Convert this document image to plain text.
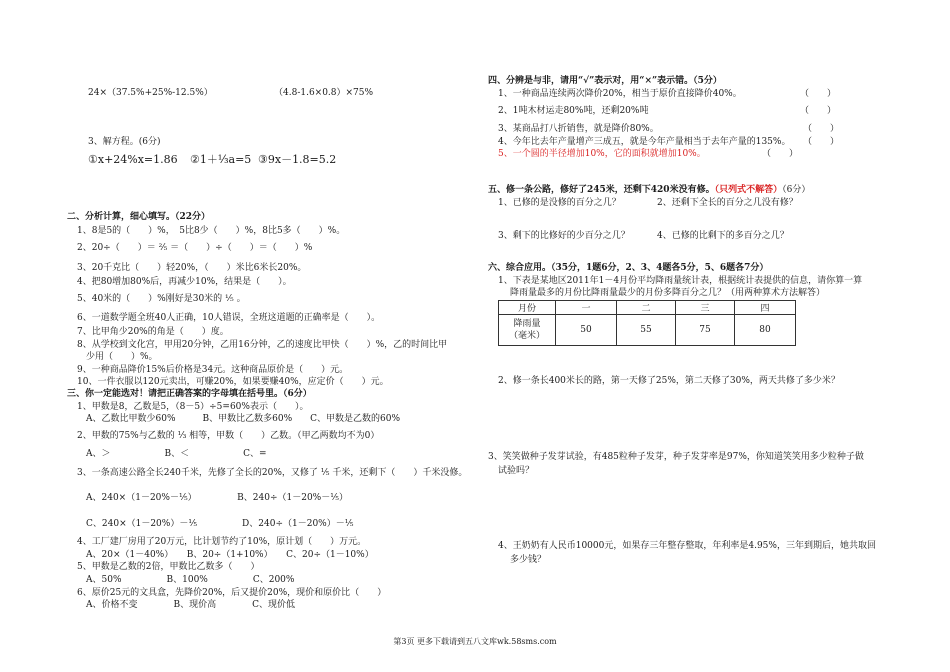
24×（37.5%+25%-12.5%）	（4.8-1.6×0.8）×75%
3、解方程。(6分)
①x+24%x=1.86 ②1＋⅓a=5 ③9x－1.8=5.2
二、分析计算，细心填写。（22分）
1、8是5的（　　）%，　5比8少（　　）%，8比5多（　　）%。
2、20÷（　　）＝ ²⁄₅ ＝（　　）÷（　　）＝（　　）%
3、20千克比（　　）轻20%，（　　）米比6米长20%。
4、把80增加80%后，再减少10%，结果是（　　）。
5、40米的（　　）%刚好是30米的 ¹⁄₅ 。
6、一道数学题全班40人正确，10人错误，全班这道题的正确率是（　　）。
7、比甲角少20%的角是（　　）度。
8、从学校到文化宫，甲用20分钟，乙用16分钟，乙的速度比甲快（　　）%，乙的时间比甲
　少用（　　）%。
9、一种商品降价15%后价格是34元。这种商品原价是（　　）元。
10、一件衣服以120元卖出，可赚20%，如果要赚40%，应定价（　　）元。
三、你一定能选对！请把正确答案的字母填在括号里。（6分）
1、甲数是8，乙数是5，（8－5）÷5=60%表示（　　）。
　A、乙数比甲数少60%　　　B、甲数比乙数多60%　　C、甲数是乙数的60%
2、甲数的75%与乙数的 ⅓ 相等，甲数（　　）乙数。（甲乙两数均不为0）
　A、＞　　　　　　B、＜　　　　　　C、=
3、一条高速公路全长240千米，先修了全长的20%，又修了 ⅕ 千米，还剩下（　　）千米没修。
　A、240×（1－20%－⅕）　　　　　B、240÷（1－20%－⅕）
　C、240×（1－20%）－⅕　　　　　D、240÷（1－20%）－⅕
4、工厂建厂房用了20万元，比计划节约了10%，原计划（　　）万元。
　A、20×（1－40%）　　B、20÷（1+10%）　　C、20÷（1－10%）
5、甲数是乙数的2倍，甲数比乙数多（　　）
　A、50%　　　　　B、100%　　　　　C、200%
6、原价25元的文具盒，先降价20%，后又提价20%，现价和原价比（　　）
　A、价格不变　　　　B、现价高　　　　C、现价低
四、分辨是与非，请用“√”表示对，用“×”表示错。（5分）
1、一种商品连续两次降价20%，相当于原价直接降价40%。	（　　）
2、1吨木材运走80%吨，还剩20%吨	（　　）
3、某商品打八折销售，就是降价80%。	（　　）
4、今年比去年产量增产三成五，就是今年产量相当于去年产量的135%。 （　　）
5、一个圆的半径增加10%，它的面积就增加10%。	（　　）
五、修一条公路，修好了245米，还剩下420米没有修。（只列式不解答）（6分）
1、已修的是没修的百分之几？	2、还剩下全长的百分之几没有修？
3、剩下的比修好的少百分之几？	4、已修的比剩下的多百分之几？
六、综合应用。（35分，1题6分，2、3、4题各5分，5、6题各7分）
1、下表是某地区2011年1－4月份平均降雨量统计表，根据统计表提供的信息，请你算一算
降雨量最多的月份比降雨量最少的月份多降百分之几？（用两种算术方法解答）
月份	一	二	三	四

降雨量
（毫米）	50	55	75	80
2、修一条长400米长的路，第一天修了25%，第二天修了30%，两天共修了多少米？
3、笑笑做种子发芽试验，有485粒种子发芽，种子发芽率是97%，你知道笑笑用多少粒种子做
试验吗？
4、王奶奶有人民币10000元，如果存三年整存整取，年利率是4.95%，三年到期后，她共取回
多少钱？
第3页 更多下载请到五八文库wk.58sms.com
